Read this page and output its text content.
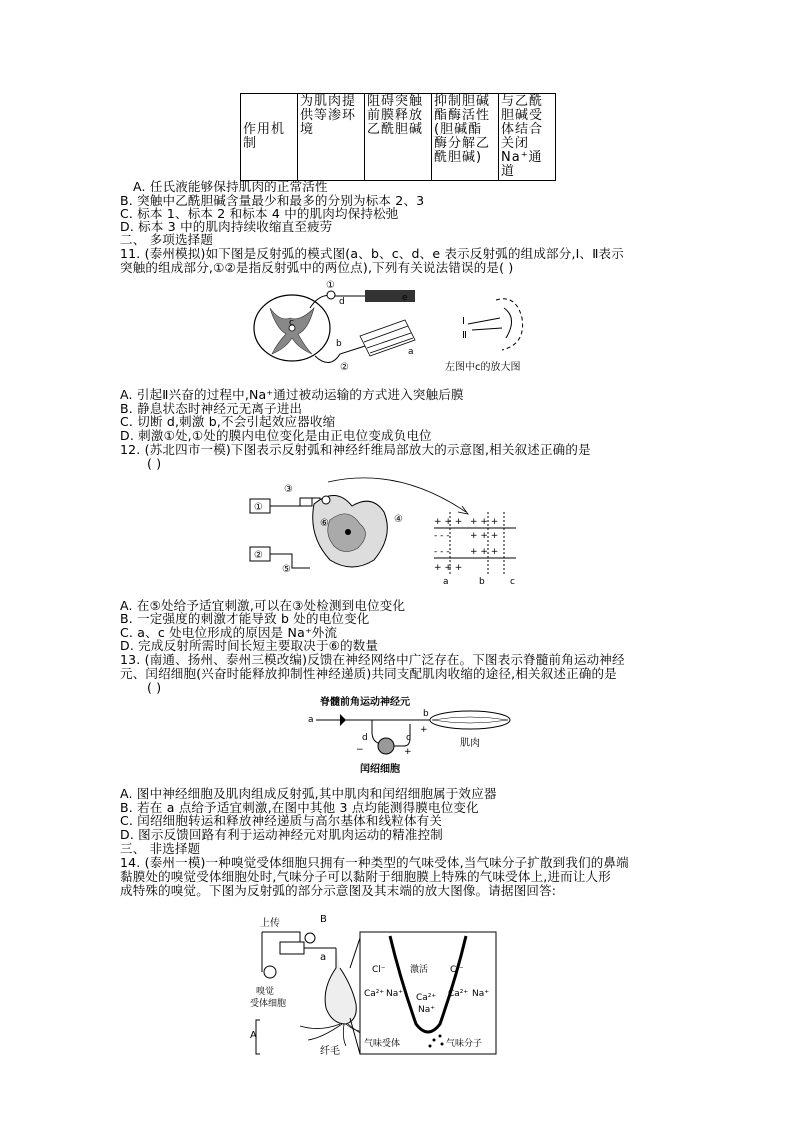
作用机制	为肌肉提供等渗环境	阻碍突触前膜释放乙酰胆碱	抑制胆碱酯酶活性(胆碱酯酶分解乙酰胆碱)	与乙酰胆碱受体结合关闭Na⁺通道
A. 任氏液能够保持肌肉的正常活性
B. 突触中乙酰胆碱含量最少和最多的分别为标本 2、3
C. 标本 1、标本 2 和标本 4 中的肌肉均保持松弛
D. 标本 3 中的肌肉持续收缩直至疲劳
二、 多项选择题
11. (泰州模拟)如下图是反射弧的模式图(a、b、c、d、e 表示反射弧的组成部分,Ⅰ、Ⅱ表示
突触的组成部分,①②是指反射弧中的两位点),下列有关说法错误的是( )
c
e
①
d
b
②
a
Ⅰ
Ⅱ
左图中c的放大图
A. 引起Ⅱ兴奋的过程中,Na⁺通过被动运输的方式进入突触后膜
B. 静息状态时神经元无离子进出
C. 切断 d,刺激 b,不会引起效应器收缩
D. 刺激①处,①处的膜内电位变化是由正电位变成负电位
12. (苏北四市一模)下图表示反射弧和神经纤维局部放大的示意图,相关叙述正确的是
( )
①
②
③
⑤
⑥	④	+ + + + + +
- - - + + +
- - - + + +
+ + +
a	b	c
A. 在⑤处给予适宜刺激,可以在③处检测到电位变化
B. 一定强度的刺激才能导致 b 处的电位变化
C. a、c 处电位形成的原因是 Na⁺外流
D. 完成反射所需时间长短主要取决于⑥的数量
13. (南通、扬州、泰州三模改编)反馈在神经网络中广泛存在。下图表示脊髓前角运动神经
元、闰绍细胞(兴奋时能释放抑制性神经递质)共同支配肌肉收缩的途径,相关叙述正确的是
( )
脊髓前角运动神经元
a
b
+
肌肉
c
d
−	+
闰绍细胞
A. 图中神经细胞及肌肉组成反射弧,其中肌肉和闰绍细胞属于效应器
B. 若在 a 点给予适宜刺激,在图中其他 3 点均能测得膜电位变化
C. 闰绍细胞转运和释放神经递质与高尔基体和线粒体有关
D. 图示反馈回路有利于运动神经元对肌肉运动的精准控制
三、 非选择题
14. (泰州一模)一种嗅觉受体细胞只拥有一种类型的气味受体,当气味分子扩散到我们的鼻端
黏膜处的嗅觉受体细胞处时,气味分子可以黏附于细胞膜上特殊的气味受体上,进而让人形
成特殊的嗅觉。下图为反射弧的部分示意图及其末端的放大图像。请据图回答:
上传	B
a
嗅觉
受体细胞
A
纤毛
Cl⁻	Cl⁻
激活
Ca²⁺ Na⁺ Ca²⁺
Na⁺
Ca²⁺ Na⁺
气味受体	气味分子
